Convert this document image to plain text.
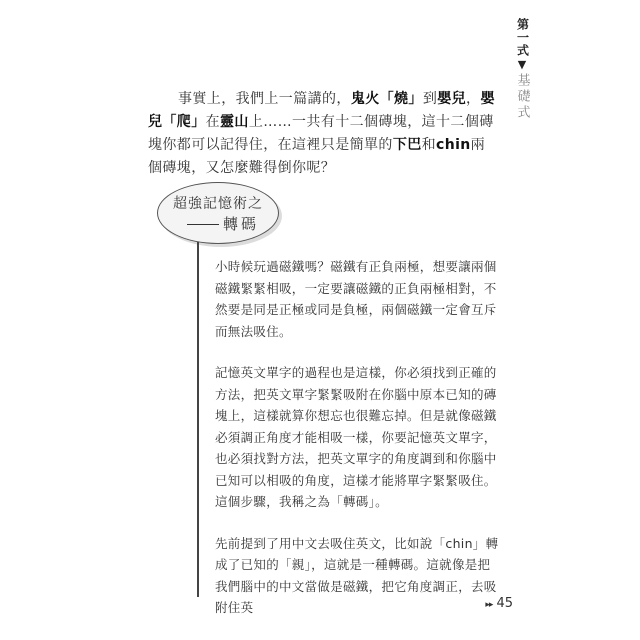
第一式
▼
基礎式

事實上，我們上一篇講的，鬼火「燒」到嬰兒，嬰兒「爬」在靈山上……一共有十二個磚塊，這十二個磚塊你都可以記得住，在這裡只是簡單的下巴和chin兩個磚塊，又怎麼難得倒你呢？

超強記憶術之
轉碼

小時候玩過磁鐵嗎？磁鐵有正負兩極，想要讓兩個磁鐵緊緊相吸，一定要讓磁鐵的正負兩極相對，不然要是同是正極或同是負極，兩個磁鐵一定會互斥而無法吸住。

記憶英文單字的過程也是這樣，你必須找到正確的方法，把英文單字緊緊吸附在你腦中原本已知的磚塊上，這樣就算你想忘也很難忘掉。但是就像磁鐵必須調正角度才能相吸一樣，你要記憶英文單字，也必須找對方法，把英文單字的角度調到和你腦中已知可以相吸的角度，這樣才能將單字緊緊吸住。這個步驟，我稱之為「轉碼」。

先前提到了用中文去吸住英文，比如說「chin」轉成了已知的「親」，這就是一種轉碼。這就像是把我們腦中的中文當做是磁鐵，把它角度調正，去吸附住英	▸▸ 45
